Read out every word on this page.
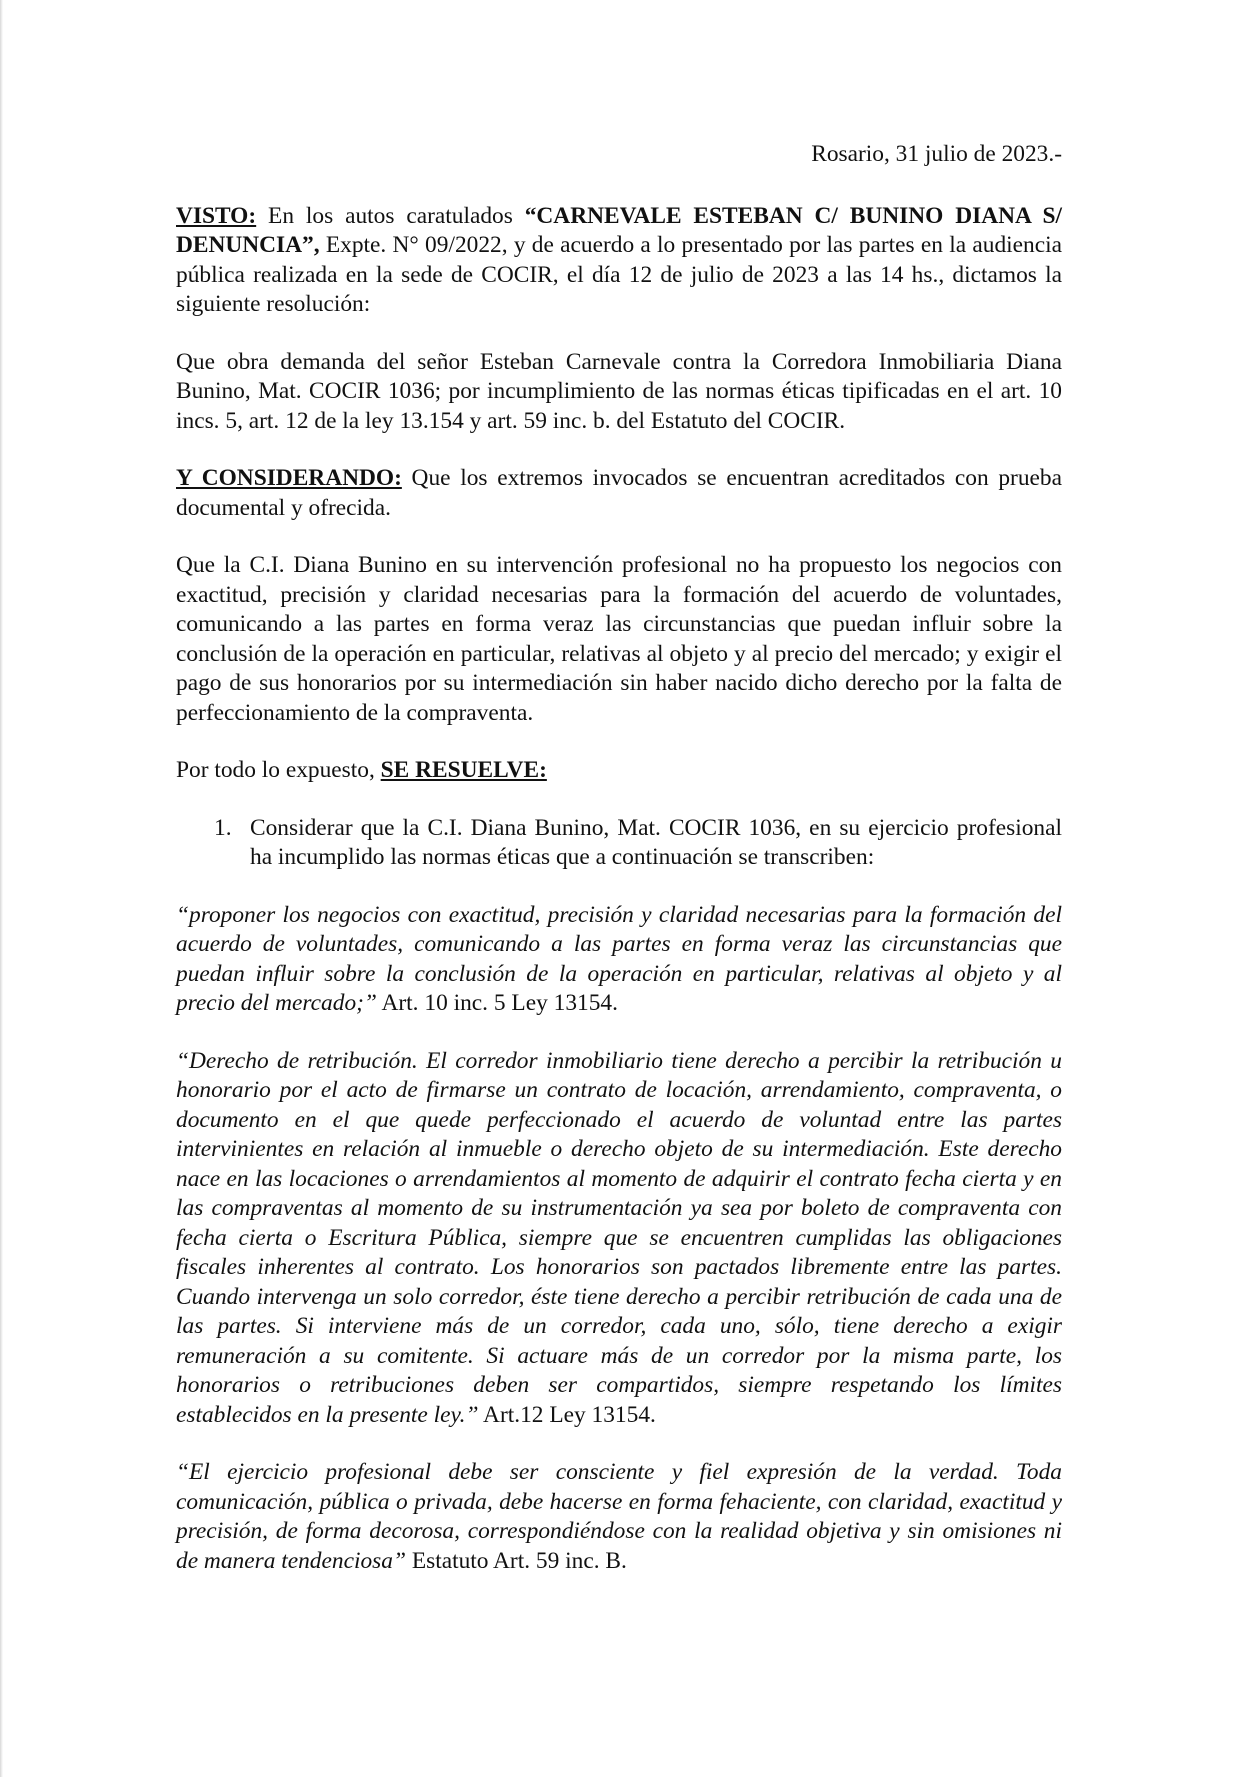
Rosario, 31 julio de 2023.-

VISTO: En los autos caratulados “CARNEVALE ESTEBAN C/ BUNINO DIANA S/ DENUNCIA”, Expte. N° 09/2022, y de acuerdo a lo presentado por las partes en la audiencia pública realizada en la sede de COCIR, el día 12 de julio de 2023 a las 14 hs., dictamos la siguiente resolución:

Que obra demanda del señor Esteban Carnevale contra la Corredora Inmobiliaria Diana Bunino, Mat. COCIR 1036; por incumplimiento de las normas éticas tipificadas en el art. 10 incs. 5, art. 12 de la ley 13.154 y art. 59 inc. b. del Estatuto del COCIR.

Y CONSIDERANDO: Que los extremos invocados se encuentran acreditados con prueba documental y ofrecida.

Que la C.I. Diana Bunino en su intervención profesional no ha propuesto los negocios con exactitud, precisión y claridad necesarias para la formación del acuerdo de voluntades, comunicando a las partes en forma veraz las circunstancias que puedan influir sobre la conclusión de la operación en particular, relativas al objeto y al precio del mercado; y exigir el pago de sus honorarios por su intermediación sin haber nacido dicho derecho por la falta de perfeccionamiento de la compraventa.

Por todo lo expuesto, SE RESUELVE:

1. Considerar que la C.I. Diana Bunino, Mat. COCIR 1036, en su ejercicio profesional ha incumplido las normas éticas que a continuación se transcriben:

“proponer los negocios con exactitud, precisión y claridad necesarias para la formación del acuerdo de voluntades, comunicando a las partes en forma veraz las circunstancias que puedan influir sobre la conclusión de la operación en particular, relativas al objeto y al precio del mercado;” Art. 10 inc. 5 Ley 13154.

“Derecho de retribución. El corredor inmobiliario tiene derecho a percibir la retribución u honorario por el acto de firmarse un contrato de locación, arrendamiento, compraventa, o documento en el que quede perfeccionado el acuerdo de voluntad entre las partes intervinientes en relación al inmueble o derecho objeto de su intermediación. Este derecho nace en las locaciones o arrendamientos al momento de adquirir el contrato fecha cierta y en las compraventas al momento de su instrumentación ya sea por boleto de compraventa con fecha cierta o Escritura Pública, siempre que se encuentren cumplidas las obligaciones fiscales inherentes al contrato. Los honorarios son pactados libremente entre las partes. Cuando intervenga un solo corredor, éste tiene derecho a percibir retribución de cada una de las partes. Si interviene más de un corredor, cada uno, sólo, tiene derecho a exigir remuneración a su comitente. Si actuare más de un corredor por la misma parte, los honorarios o retribuciones deben ser compartidos, siempre respetando los límites establecidos en la presente ley.” Art.12 Ley 13154.

“El ejercicio profesional debe ser consciente y fiel expresión de la verdad. Toda comunicación, pública o privada, debe hacerse en forma fehaciente, con claridad, exactitud y precisión, de forma decorosa, correspondiéndose con la realidad objetiva y sin omisiones ni de manera tendenciosa” Estatuto Art. 59 inc. B.
